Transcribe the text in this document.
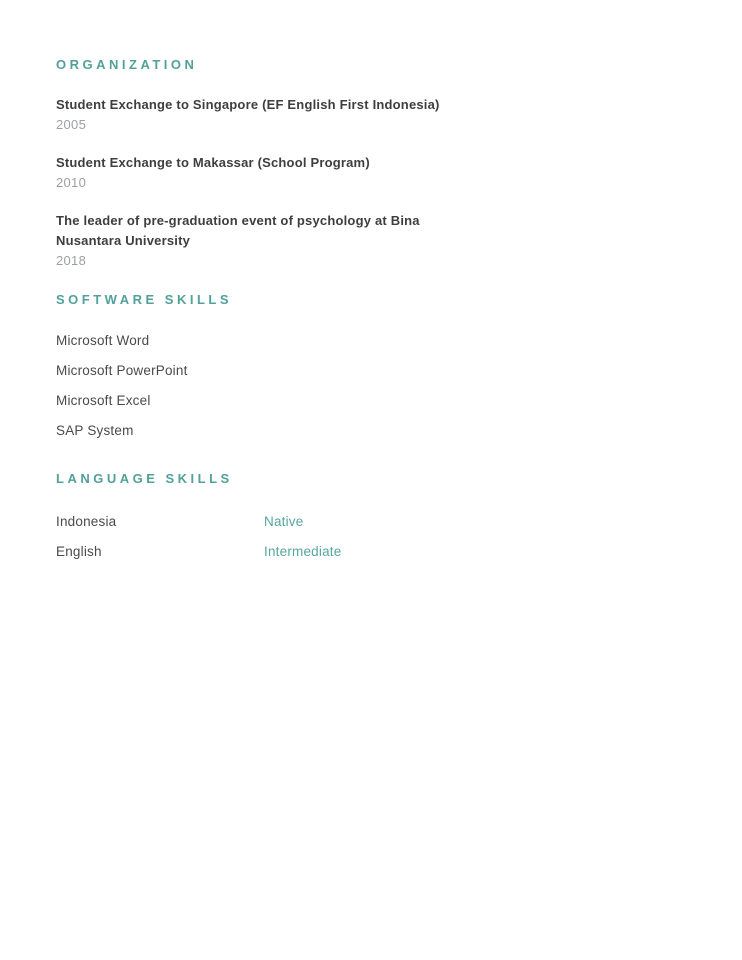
ORGANIZATION
Student Exchange to Singapore (EF English First Indonesia)
2005
Student Exchange to Makassar (School Program)
2010
The leader of pre-graduation event of psychology at Bina Nusantara University
2018
SOFTWARE SKILLS
Microsoft Word
Microsoft PowerPoint
Microsoft Excel
SAP System
LANGUAGE SKILLS
Indonesia	Native
English	Intermediate
